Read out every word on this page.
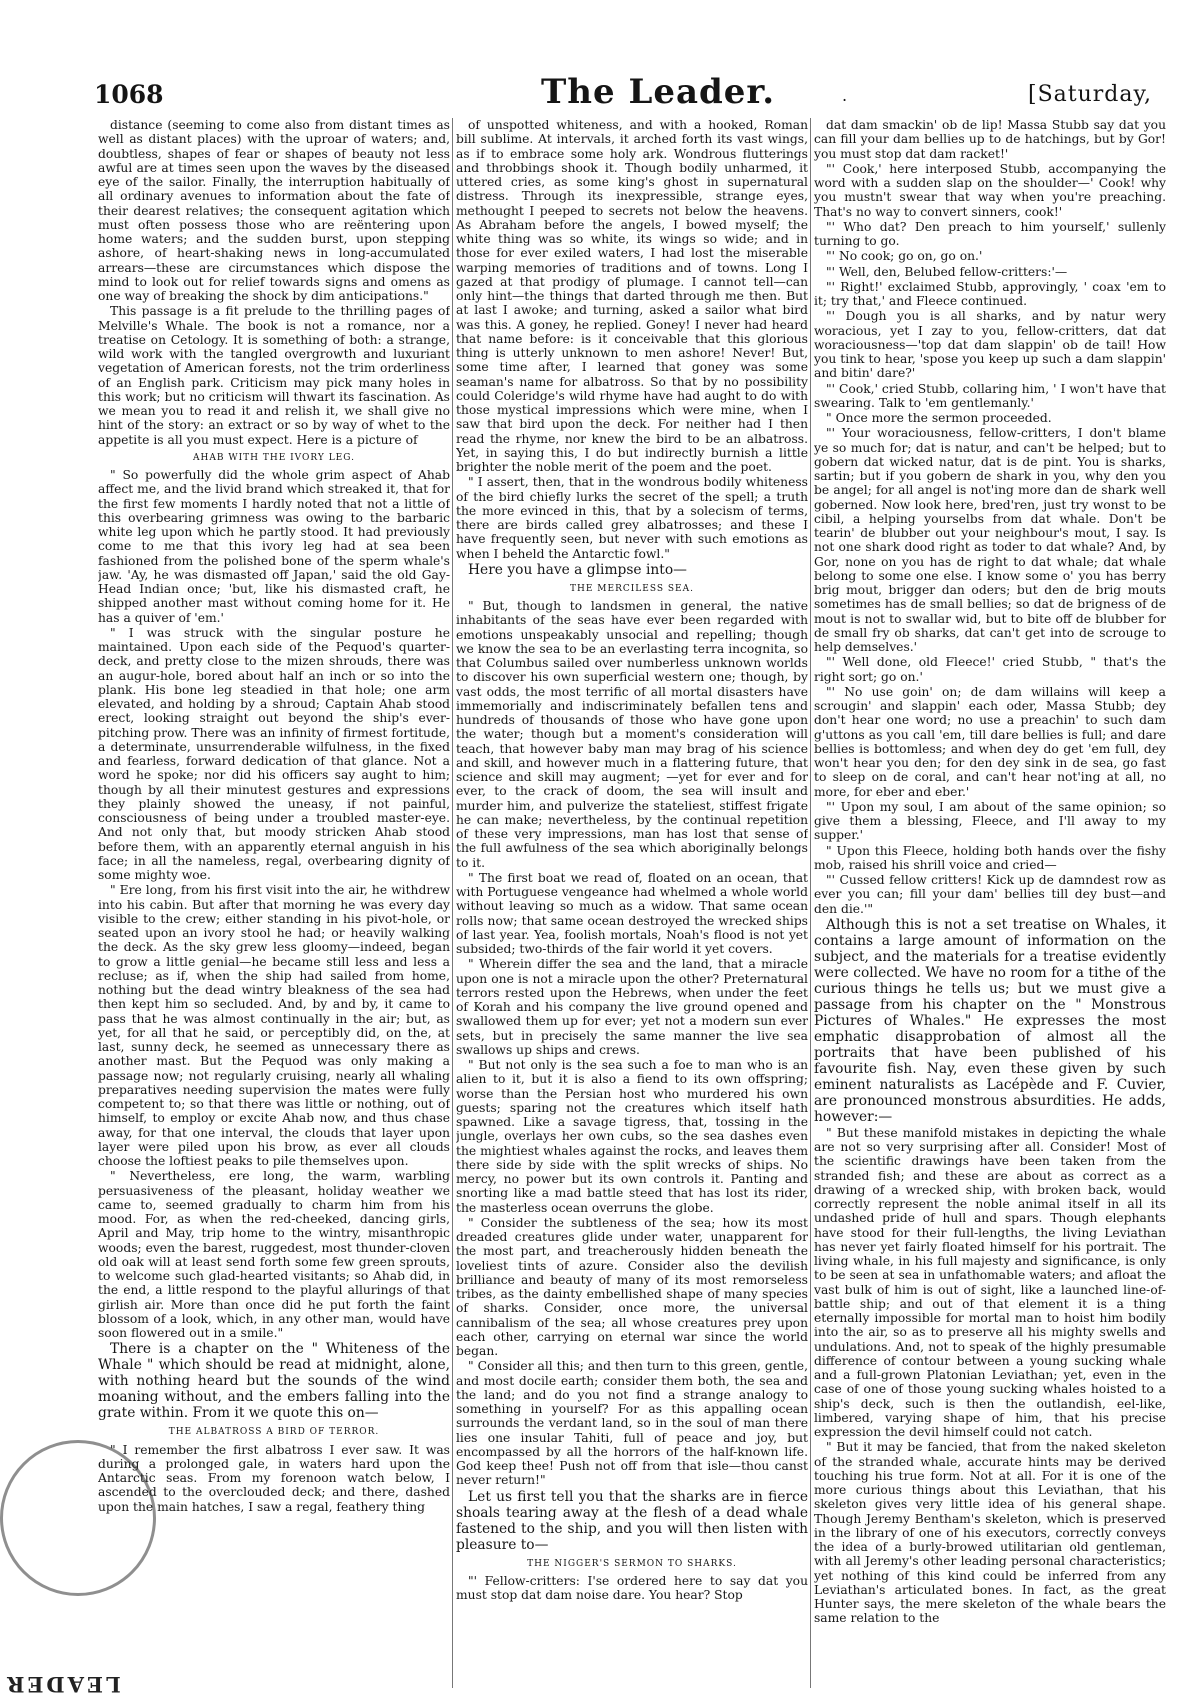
1068	The Leader.	.	[Saturday,

distance (seeming to come also from distant times as well as distant places) with the uproar of waters; and, doubtless, shapes of fear or shapes of beauty not less awful are at times seen upon the waves by the diseased eye of the sailor. Finally, the interruption habitually of all ordinary avenues to information about the fate of their dearest relatives; the consequent agitation which must often possess those who are reëntering upon home waters; and the sudden burst, upon stepping ashore, of heart-shaking news in long-accumulated arrears—these are circumstances which dispose the mind to look out for relief towards signs and omens as one way of breaking the shock by dim anticipations."

This passage is a fit prelude to the thrilling pages of Melville's Whale. The book is not a romance, nor a treatise on Cetology. It is something of both: a strange, wild work with the tangled overgrowth and luxuriant vegetation of American forests, not the trim orderliness of an English park. Criticism may pick many holes in this work; but no criticism will thwart its fascination. As we mean you to read it and relish it, we shall give no hint of the story: an extract or so by way of whet to the appetite is all you must expect. Here is a picture of

AHAB WITH THE IVORY LEG.

" So powerfully did the whole grim aspect of Ahab affect me, and the livid brand which streaked it, that for the first few moments I hardly noted that not a little of this overbearing grimness was owing to the barbaric white leg upon which he partly stood. It had previously come to me that this ivory leg had at sea been fashioned from the polished bone of the sperm whale's jaw. 'Ay, he was dismasted off Japan,' said the old Gay-Head Indian once; 'but, like his dismasted craft, he shipped another mast without coming home for it. He has a quiver of 'em.'

" I was struck with the singular posture he maintained. Upon each side of the Pequod's quarter-deck, and pretty close to the mizen shrouds, there was an augur-hole, bored about half an inch or so into the plank. His bone leg steadied in that hole; one arm elevated, and holding by a shroud; Captain Ahab stood erect, looking straight out beyond the ship's ever-pitching prow. There was an infinity of firmest fortitude, a determinate, unsurrenderable wilfulness, in the fixed and fearless, forward dedication of that glance. Not a word he spoke; nor did his officers say aught to him; though by all their minutest gestures and expressions they plainly showed the uneasy, if not painful, consciousness of being under a troubled master-eye. And not only that, but moody stricken Ahab stood before them, with an apparently eternal anguish in his face; in all the nameless, regal, overbearing dignity of some mighty woe.

" Ere long, from his first visit into the air, he withdrew into his cabin. But after that morning he was every day visible to the crew; either standing in his pivot-hole, or seated upon an ivory stool he had; or heavily walking the deck. As the sky grew less gloomy—indeed, began to grow a little genial—he became still less and less a recluse; as if, when the ship had sailed from home, nothing but the dead wintry bleakness of the sea had then kept him so secluded. And, by and by, it came to pass that he was almost continually in the air; but, as yet, for all that he said, or perceptibly did, on the, at last, sunny deck, he seemed as unnecessary there as another mast. But the Pequod was only making a passage now; not regularly cruising, nearly all whaling preparatives needing supervision the mates were fully competent to; so that there was little or nothing, out of himself, to employ or excite Ahab now, and thus chase away, for that one interval, the clouds that layer upon layer were piled upon his brow, as ever all clouds choose the loftiest peaks to pile themselves upon.

" Nevertheless, ere long, the warm, warbling persuasiveness of the pleasant, holiday weather we came to, seemed gradually to charm him from his mood. For, as when the red-cheeked, dancing girls, April and May, trip home to the wintry, misanthropic woods; even the barest, ruggedest, most thunder-cloven old oak will at least send forth some few green sprouts, to welcome such glad-hearted visitants; so Ahab did, in the end, a little respond to the playful allurings of that girlish air. More than once did he put forth the faint blossom of a look, which, in any other man, would have soon flowered out in a smile."

There is a chapter on the " Whiteness of the Whale " which should be read at midnight, alone, with nothing heard but the sounds of the wind moaning without, and the embers falling into the grate within. From it we quote this on—

THE ALBATROSS A BIRD OF TERROR.

" I remember the first albatross I ever saw. It was during a prolonged gale, in waters hard upon the Antarctic seas. From my forenoon watch below, I ascended to the overclouded deck; and there, dashed upon the main hatches, I saw a regal, feathery thing

of unspotted whiteness, and with a hooked, Roman bill sublime. At intervals, it arched forth its vast wings, as if to embrace some holy ark. Wondrous flutterings and throbbings shook it. Though bodily unharmed, it uttered cries, as some king's ghost in supernatural distress. Through its inexpressible, strange eyes, methought I peeped to secrets not below the heavens. As Abraham before the angels, I bowed myself; the white thing was so white, its wings so wide; and in those for ever exiled waters, I had lost the miserable warping memories of traditions and of towns. Long I gazed at that prodigy of plumage. I cannot tell—can only hint—the things that darted through me then. But at last I awoke; and turning, asked a sailor what bird was this. A goney, he replied. Goney! I never had heard that name before: is it conceivable that this glorious thing is utterly unknown to men ashore! Never! But, some time after, I learned that goney was some seaman's name for albatross. So that by no possibility could Coleridge's wild rhyme have had aught to do with those mystical impressions which were mine, when I saw that bird upon the deck. For neither had I then read the rhyme, nor knew the bird to be an albatross. Yet, in saying this, I do but indirectly burnish a little brighter the noble merit of the poem and the poet.

" I assert, then, that in the wondrous bodily whiteness of the bird chiefly lurks the secret of the spell; a truth the more evinced in this, that by a solecism of terms, there are birds called grey albatrosses; and these I have frequently seen, but never with such emotions as when I beheld the Antarctic fowl."

Here you have a glimpse into—

THE MERCILESS SEA.

" But, though to landsmen in general, the native inhabitants of the seas have ever been regarded with emotions unspeakably unsocial and repelling; though we know the sea to be an everlasting terra incognita, so that Columbus sailed over numberless unknown worlds to discover his own superficial western one; though, by vast odds, the most terrific of all mortal disasters have immemorially and indiscriminately befallen tens and hundreds of thousands of those who have gone upon the water; though but a moment's consideration will teach, that however baby man may brag of his science and skill, and however much in a flattering future, that science and skill may augment; —yet for ever and for ever, to the crack of doom, the sea will insult and murder him, and pulverize the stateliest, stiffest frigate he can make; nevertheless, by the continual repetition of these very impressions, man has lost that sense of the full awfulness of the sea which aboriginally belongs to it.

" The first boat we read of, floated on an ocean, that with Portuguese vengeance had whelmed a whole world without leaving so much as a widow. That same ocean rolls now; that same ocean destroyed the wrecked ships of last year. Yea, foolish mortals, Noah's flood is not yet subsided; two-thirds of the fair world it yet covers.

" Wherein differ the sea and the land, that a miracle upon one is not a miracle upon the other? Preternatural terrors rested upon the Hebrews, when under the feet of Korah and his company the live ground opened and swallowed them up for ever; yet not a modern sun ever sets, but in precisely the same manner the live sea swallows up ships and crews.

" But not only is the sea such a foe to man who is an alien to it, but it is also a fiend to its own offspring; worse than the Persian host who murdered his own guests; sparing not the creatures which itself hath spawned. Like a savage tigress, that, tossing in the jungle, overlays her own cubs, so the sea dashes even the mightiest whales against the rocks, and leaves them there side by side with the split wrecks of ships. No mercy, no power but its own controls it. Panting and snorting like a mad battle steed that has lost its rider, the masterless ocean overruns the globe.

" Consider the subtleness of the sea; how its most dreaded creatures glide under water, unapparent for the most part, and treacherously hidden beneath the loveliest tints of azure. Consider also the devilish brilliance and beauty of many of its most remorseless tribes, as the dainty embellished shape of many species of sharks. Consider, once more, the universal cannibalism of the sea; all whose creatures prey upon each other, carrying on eternal war since the world began.

" Consider all this; and then turn to this green, gentle, and most docile earth; consider them both, the sea and the land; and do you not find a strange analogy to something in yourself? For as this appalling ocean surrounds the verdant land, so in the soul of man there lies one insular Tahiti, full of peace and joy, but encompassed by all the horrors of the half-known life. God keep thee! Push not off from that isle—thou canst never return!"

Let us first tell you that the sharks are in fierce shoals tearing away at the flesh of a dead whale fastened to the ship, and you will then listen with pleasure to—

THE NIGGER'S SERMON TO SHARKS.

"' Fellow-critters: I'se ordered here to say dat you must stop dat dam noise dare. You hear? Stop

dat dam smackin' ob de lip! Massa Stubb say dat you can fill your dam bellies up to de hatchings, but by Gor! you must stop dat dam racket!'

"' Cook,' here interposed Stubb, accompanying the word with a sudden slap on the shoulder—' Cook! why you mustn't swear that way when you're preaching. That's no way to convert sinners, cook!'

"' Who dat? Den preach to him yourself,' sullenly turning to go.

"' No cook; go on, go on.'

"' Well, den, Belubed fellow-critters:'—

"' Right!' exclaimed Stubb, approvingly, ' coax 'em to it; try that,' and Fleece continued.

"' Dough you is all sharks, and by natur wery woracious, yet I zay to you, fellow-critters, dat dat woraciousness—'top dat dam slappin' ob de tail! How you tink to hear, 'spose you keep up such a dam slappin' and bitin' dare?'

"' Cook,' cried Stubb, collaring him, ' I won't have that swearing. Talk to 'em gentlemanly.'

" Once more the sermon proceeded.

"' Your woraciousness, fellow-critters, I don't blame ye so much for; dat is natur, and can't be helped; but to gobern dat wicked natur, dat is de pint. You is sharks, sartin; but if you gobern de shark in you, why den you be angel; for all angel is not'ing more dan de shark well goberned. Now look here, bred'ren, just try wonst to be cibil, a helping yourselbs from dat whale. Don't be tearin' de blubber out your neighbour's mout, I say. Is not one shark dood right as toder to dat whale? And, by Gor, none on you has de right to dat whale; dat whale belong to some one else. I know some o' you has berry brig mout, brigger dan oders; but den de brig mouts sometimes has de small bellies; so dat de brigness of de mout is not to swallar wid, but to bite off de blubber for de small fry ob sharks, dat can't get into de scrouge to help demselves.'

"' Well done, old Fleece!' cried Stubb, " that's the right sort; go on.'

"' No use goin' on; de dam willains will keep a scrougin' and slappin' each oder, Massa Stubb; dey don't hear one word; no use a preachin' to such dam g'uttons as you call 'em, till dare bellies is full; and dare bellies is bottomless; and when dey do get 'em full, dey won't hear you den; for den dey sink in de sea, go fast to sleep on de coral, and can't hear not'ing at all, no more, for eber and eber.'

"' Upon my soul, I am about of the same opinion; so give them a blessing, Fleece, and I'll away to my supper.'

" Upon this Fleece, holding both hands over the fishy mob, raised his shrill voice and cried—

"' Cussed fellow critters! Kick up de damndest row as ever you can; fill your dam' bellies till dey bust—and den die.'"

Although this is not a set treatise on Whales, it contains a large amount of information on the subject, and the materials for a treatise evidently were collected. We have no room for a tithe of the curious things he tells us; but we must give a passage from his chapter on the " Monstrous Pictures of Whales." He expresses the most emphatic disapprobation of almost all the portraits that have been published of his favourite fish. Nay, even these given by such eminent naturalists as Lacépède and F. Cuvier, are pronounced monstrous absurdities. He adds, however:—

" But these manifold mistakes in depicting the whale are not so very surprising after all. Consider! Most of the scientific drawings have been taken from the stranded fish; and these are about as correct as a drawing of a wrecked ship, with broken back, would correctly represent the noble animal itself in all its undashed pride of hull and spars. Though elephants have stood for their full-lengths, the living Leviathan has never yet fairly floated himself for his portrait. The living whale, in his full majesty and significance, is only to be seen at sea in unfathomable waters; and afloat the vast bulk of him is out of sight, like a launched line-of-battle ship; and out of that element it is a thing eternally impossible for mortal man to hoist him bodily into the air, so as to preserve all his mighty swells and undulations. And, not to speak of the highly presumable difference of contour between a young sucking whale and a full-grown Platonian Leviathan; yet, even in the case of one of those young sucking whales hoisted to a ship's deck, such is then the outlandish, eel-like, limbered, varying shape of him, that his precise expression the devil himself could not catch.

" But it may be fancied, that from the naked skeleton of the stranded whale, accurate hints may be derived touching his true form. Not at all. For it is one of the more curious things about this Leviathan, that his skeleton gives very little idea of his general shape. Though Jeremy Bentham's skeleton, which is preserved in the library of one of his executors, correctly conveys the idea of a burly-browed utilitarian old gentleman, with all Jeremy's other leading personal characteristics; yet nothing of this kind could be inferred from any Leviathan's articulated bones. In fact, as the great Hunter says, the mere skeleton of the whale bears the same relation to the

LEADER
